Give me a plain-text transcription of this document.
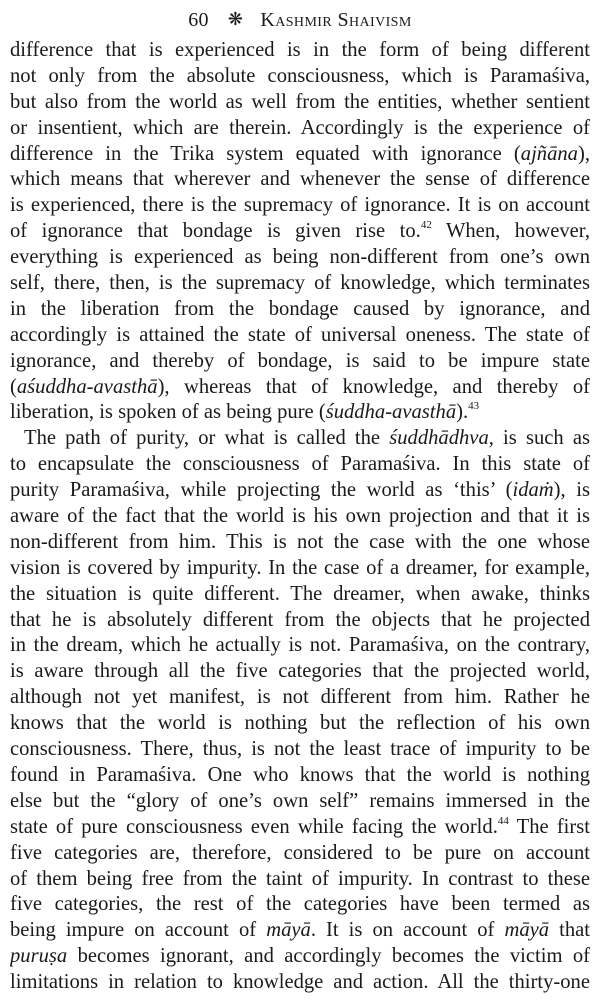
60 ❋ Kashmir Shaivism
difference that is experienced is in the form of being different
not only from the absolute consciousness, which is Paramaśiva,
but also from the world as well from the entities, whether sentient
or insentient, which are therein. Accordingly is the experience of
difference in the Trika system equated with ignorance (ajñāna),
which means that wherever and whenever the sense of difference
is experienced, there is the supremacy of ignorance. It is on account
of ignorance that bondage is given rise to.$^{42}$ When, however,
everything is experienced as being non-different from one’s own
self, there, then, is the supremacy of knowledge, which terminates
in the liberation from the bondage caused by ignorance, and
accordingly is attained the state of universal oneness. The state of
ignorance, and thereby of bondage, is said to be impure state
(aśuddha-avasthā), whereas that of knowledge, and thereby of
liberation, is spoken of as being pure (śuddha-avasthā).$^{43}$
The path of purity, or what is called the śuddhādhva, is such as
to encapsulate the consciousness of Paramaśiva. In this state of
purity Paramaśiva, while projecting the world as ‘this’ (idaṁ), is
aware of the fact that the world is his own projection and that it is
non-different from him. This is not the case with the one whose
vision is covered by impurity. In the case of a dreamer, for example,
the situation is quite different. The dreamer, when awake, thinks
that he is absolutely different from the objects that he projected
in the dream, which he actually is not. Paramaśiva, on the contrary,
is aware through all the five categories that the projected world,
although not yet manifest, is not different from him. Rather he
knows that the world is nothing but the reflection of his own
consciousness. There, thus, is not the least trace of impurity to be
found in Paramaśiva. One who knows that the world is nothing
else but the “glory of one’s own self” remains immersed in the
state of pure consciousness even while facing the world.$^{44}$ The first
five categories are, therefore, considered to be pure on account
of them being free from the taint of impurity. In contrast to these
five categories, the rest of the categories have been termed as
being impure on account of māyā. It is on account of māyā that
puruṣa becomes ignorant, and accordingly becomes the victim of
limitations in relation to knowledge and action. All the thirty-one
